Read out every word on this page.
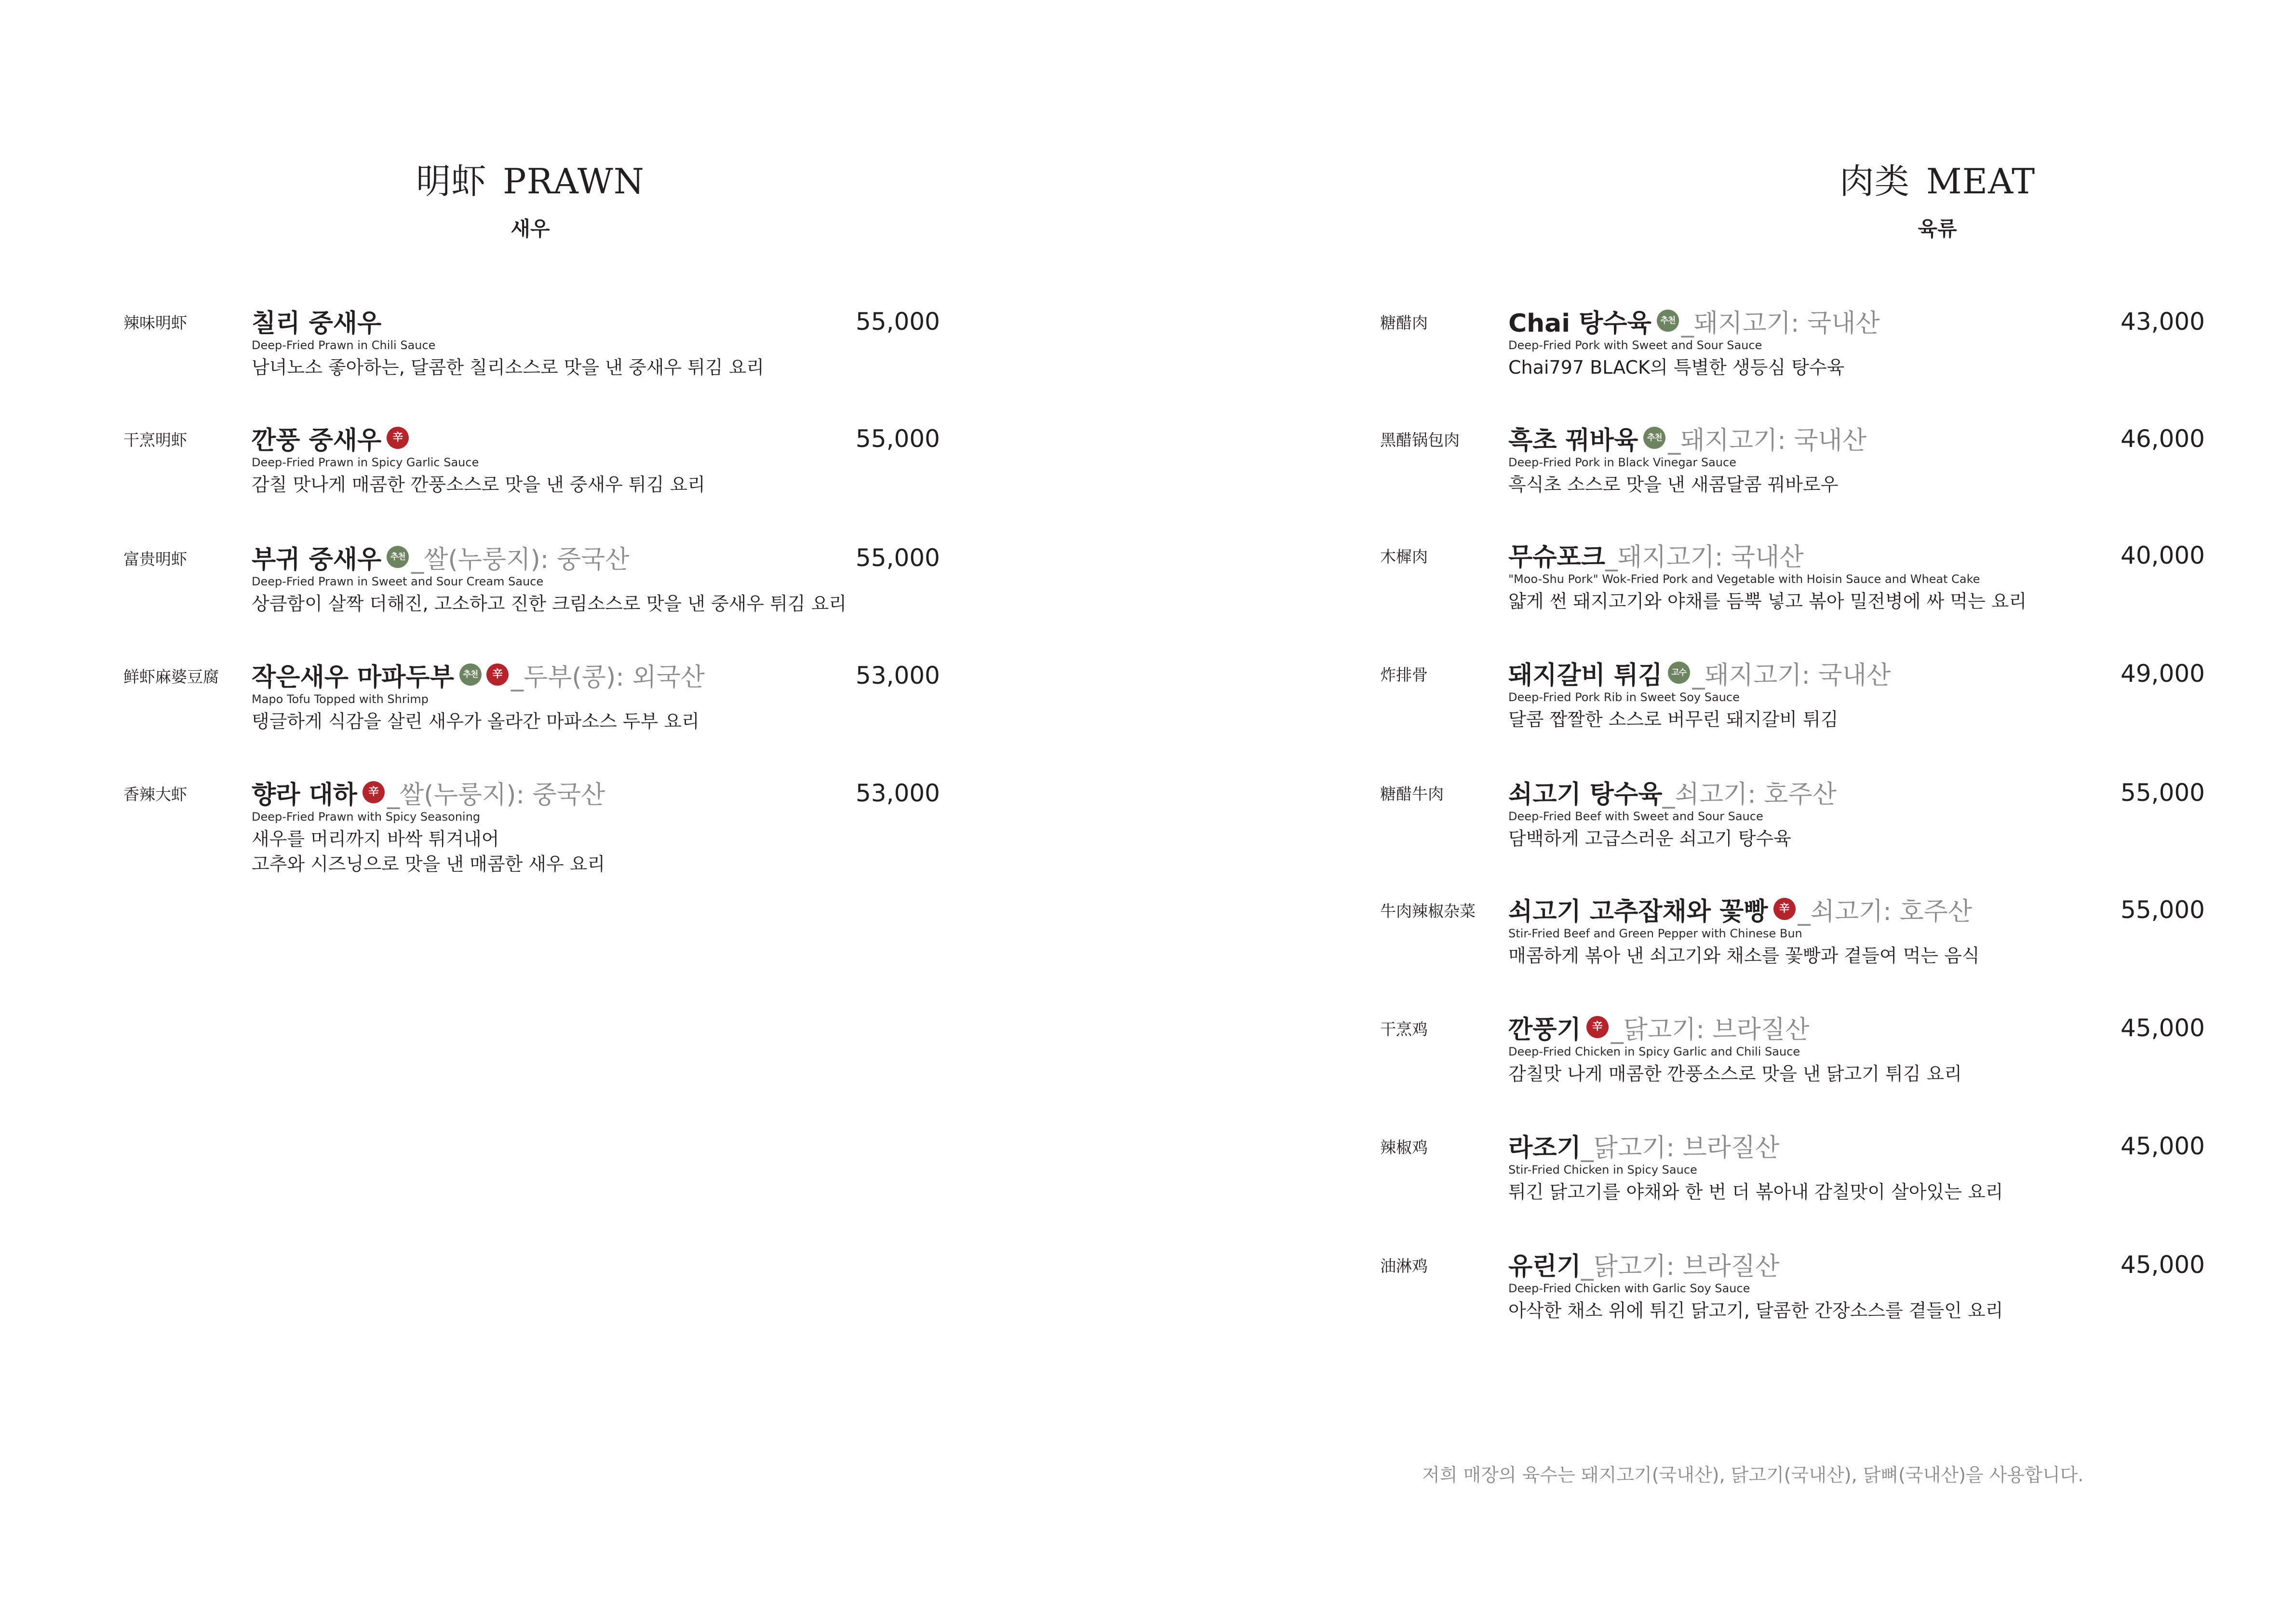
明虾 PRAWN
새우
辣味明虾	칠리 중새우
Deep-Fried Prawn in Chili Sauce
남녀노소 좋아하는, 달콤한 칠리소스로 맛을 낸 중새우 튀김 요리
55,000
干烹明虾	깐풍 중새우	辛
Deep-Fried Prawn in Spicy Garlic Sauce
감칠 맛나게 매콤한 깐풍소스로 맛을 낸 중새우 튀김 요리
55,000
富贵明虾	부귀 중새우	추천 _쌀(누룽지): 중국산
Deep-Fried Prawn in Sweet and Sour Cream Sauce
상큼함이 살짝 더해진, 고소하고 진한 크림소스로 맛을 낸 중새우 튀김 요리
55,000
鲜虾麻婆豆腐 작은새우 마파두부	추천	辛 _두부(콩): 외국산
Mapo Tofu Topped with Shrimp
탱글하게 식감을 살린 새우가 올라간 마파소스 두부 요리
53,000
香辣大虾	향라 대하	辛 _쌀(누룽지): 중국산
Deep-Fried Prawn with Spicy Seasoning
새우를 머리까지 바싹 튀겨내어
고추와 시즈닝으로 맛을 낸 매콤한 새우 요리
53,000
肉类 MEAT
육류
糖醋肉	Chai 탕수육	추천 _돼지고기: 국내산
Deep-Fried Pork with Sweet and Sour Sauce
Chai797 BLACK의 특별한 생등심 탕수육
43,000
黑醋锅包肉 흑초 꿔바육	추천 _돼지고기: 국내산
Deep-Fried Pork in Black Vinegar Sauce
흑식초 소스로 맛을 낸 새콤달콤 꿔바로우
46,000
木樨肉	무슈포크 _돼지고기: 국내산
"Moo-Shu Pork" Wok-Fried Pork and Vegetable with Hoisin Sauce and Wheat Cake
얇게 썬 돼지고기와 야채를 듬뿍 넣고 볶아 밀전병에 싸 먹는 요리
40,000
炸排骨	돼지갈비 튀김	고수 _돼지고기: 국내산
Deep-Fried Pork Rib in Sweet Soy Sauce
달콤 짭짤한 소스로 버무린 돼지갈비 튀김
49,000
糖醋牛肉	쇠고기 탕수육 _쇠고기: 호주산
Deep-Fried Beef with Sweet and Sour Sauce
담백하게 고급스러운 쇠고기 탕수육
55,000
牛肉辣椒杂菜 쇠고기 고추잡채와 꽃빵	辛 _쇠고기: 호주산
Stir-Fried Beef and Green Pepper with Chinese Bun
매콤하게 볶아 낸 쇠고기와 채소를 꽃빵과 곁들여 먹는 음식
55,000
干烹鸡	깐풍기	辛 _닭고기: 브라질산
Deep-Fried Chicken in Spicy Garlic and Chili Sauce
감칠맛 나게 매콤한 깐풍소스로 맛을 낸 닭고기 튀김 요리
45,000
辣椒鸡	라조기 _닭고기: 브라질산
Stir-Fried Chicken in Spicy Sauce
튀긴 닭고기를 야채와 한 번 더 볶아내 감칠맛이 살아있는 요리
45,000
油淋鸡	유린기 _닭고기: 브라질산
Deep-Fried Chicken with Garlic Soy Sauce
아삭한 채소 위에 튀긴 닭고기, 달콤한 간장소스를 곁들인 요리
45,000
저희 매장의 육수는 돼지고기(국내산), 닭고기(국내산), 닭뼈(국내산)을 사용합니다.
